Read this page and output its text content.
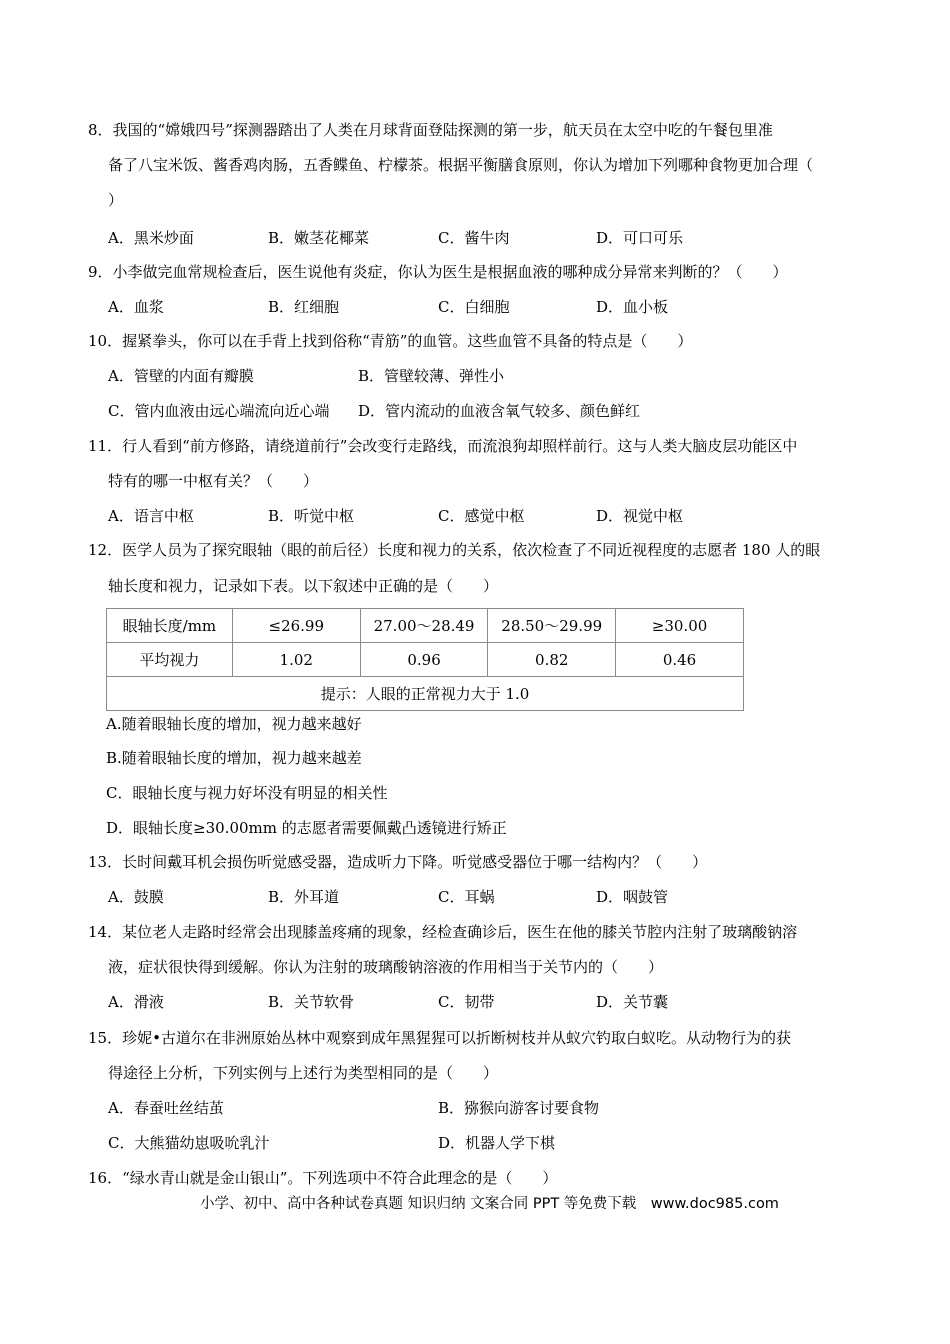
8．我国的“嫦娥四号”探测器踏出了人类在月球背面登陆探测的第一步，航天员在太空中吃的午餐包里准
备了八宝米饭、酱香鸡肉肠，五香鲽鱼、柠檬茶。根据平衡膳食原则，你认为增加下列哪种食物更加合理（
）
A．黑米炒面	B．嫩茎花椰菜	C．酱牛肉	D．可口可乐
9．小李做完血常规检查后，医生说他有炎症，你认为医生是根据血液的哪种成分异常来判断的？（　　）
A．血浆	B．红细胞	C．白细胞	D．血小板
10．握紧拳头，你可以在手背上找到俗称“青筋”的血管。这些血管不具备的特点是（　　）
A．管壁的内面有瓣膜	B．管壁较薄、弹性小
C．管内血液由远心端流向近心端 D．管内流动的血液含氧气较多、颜色鲜红
11．行人看到“前方修路，请绕道前行”会改变行走路线，而流浪狗却照样前行。这与人类大脑皮层功能区中
特有的哪一中枢有关？（　　）
A．语言中枢	B．听觉中枢	C．感觉中枢	D．视觉中枢
12．医学人员为了探究眼轴（眼的前后径）长度和视力的关系，依次检查了不同近视程度的志愿者 180 人的眼
轴长度和视力，记录如下表。以下叙述中正确的是（　　）
眼轴长度/mm	≤26.99	27.00～28.49	28.50～29.99	≥30.00
平均视力	1.02	0.96	0.82	0.46
提示：人眼的正常视力大于 1.0				
A.随着眼轴长度的增加，视力越来越好
B.随着眼轴长度的增加，视力越来越差
C．眼轴长度与视力好坏没有明显的相关性
D．眼轴长度≥30.00mm 的志愿者需要佩戴凸透镜进行矫正
13．长时间戴耳机会损伤听觉感受器，造成听力下降。听觉感受器位于哪一结构内？（　　）
A．鼓膜	B．外耳道	C．耳蜗	D．咽鼓管
14．某位老人走路时经常会出现膝盖疼痛的现象，经检查确诊后，医生在他的膝关节腔内注射了玻璃酸钠溶
液，症状很快得到缓解。你认为注射的玻璃酸钠溶液的作用相当于关节内的（　　）
A．滑液	B．关节软骨	C．韧带	D．关节囊
15．珍妮•古道尔在非洲原始丛林中观察到成年黑猩猩可以折断树枝并从蚁穴钓取白蚁吃。从动物行为的获
得途径上分析，下列实例与上述行为类型相同的是（　　）
A．春蚕吐丝结茧	B．猕猴向游客讨要食物
C．大熊猫幼崽吸吮乳汁	D．机器人学下棋
16．“绿水青山就是金山银山”。下列选项中不符合此理念的是（　　）
小学、初中、高中各种试卷真题 知识归纳 文案合同 PPT 等免费下载　www.doc985.com
